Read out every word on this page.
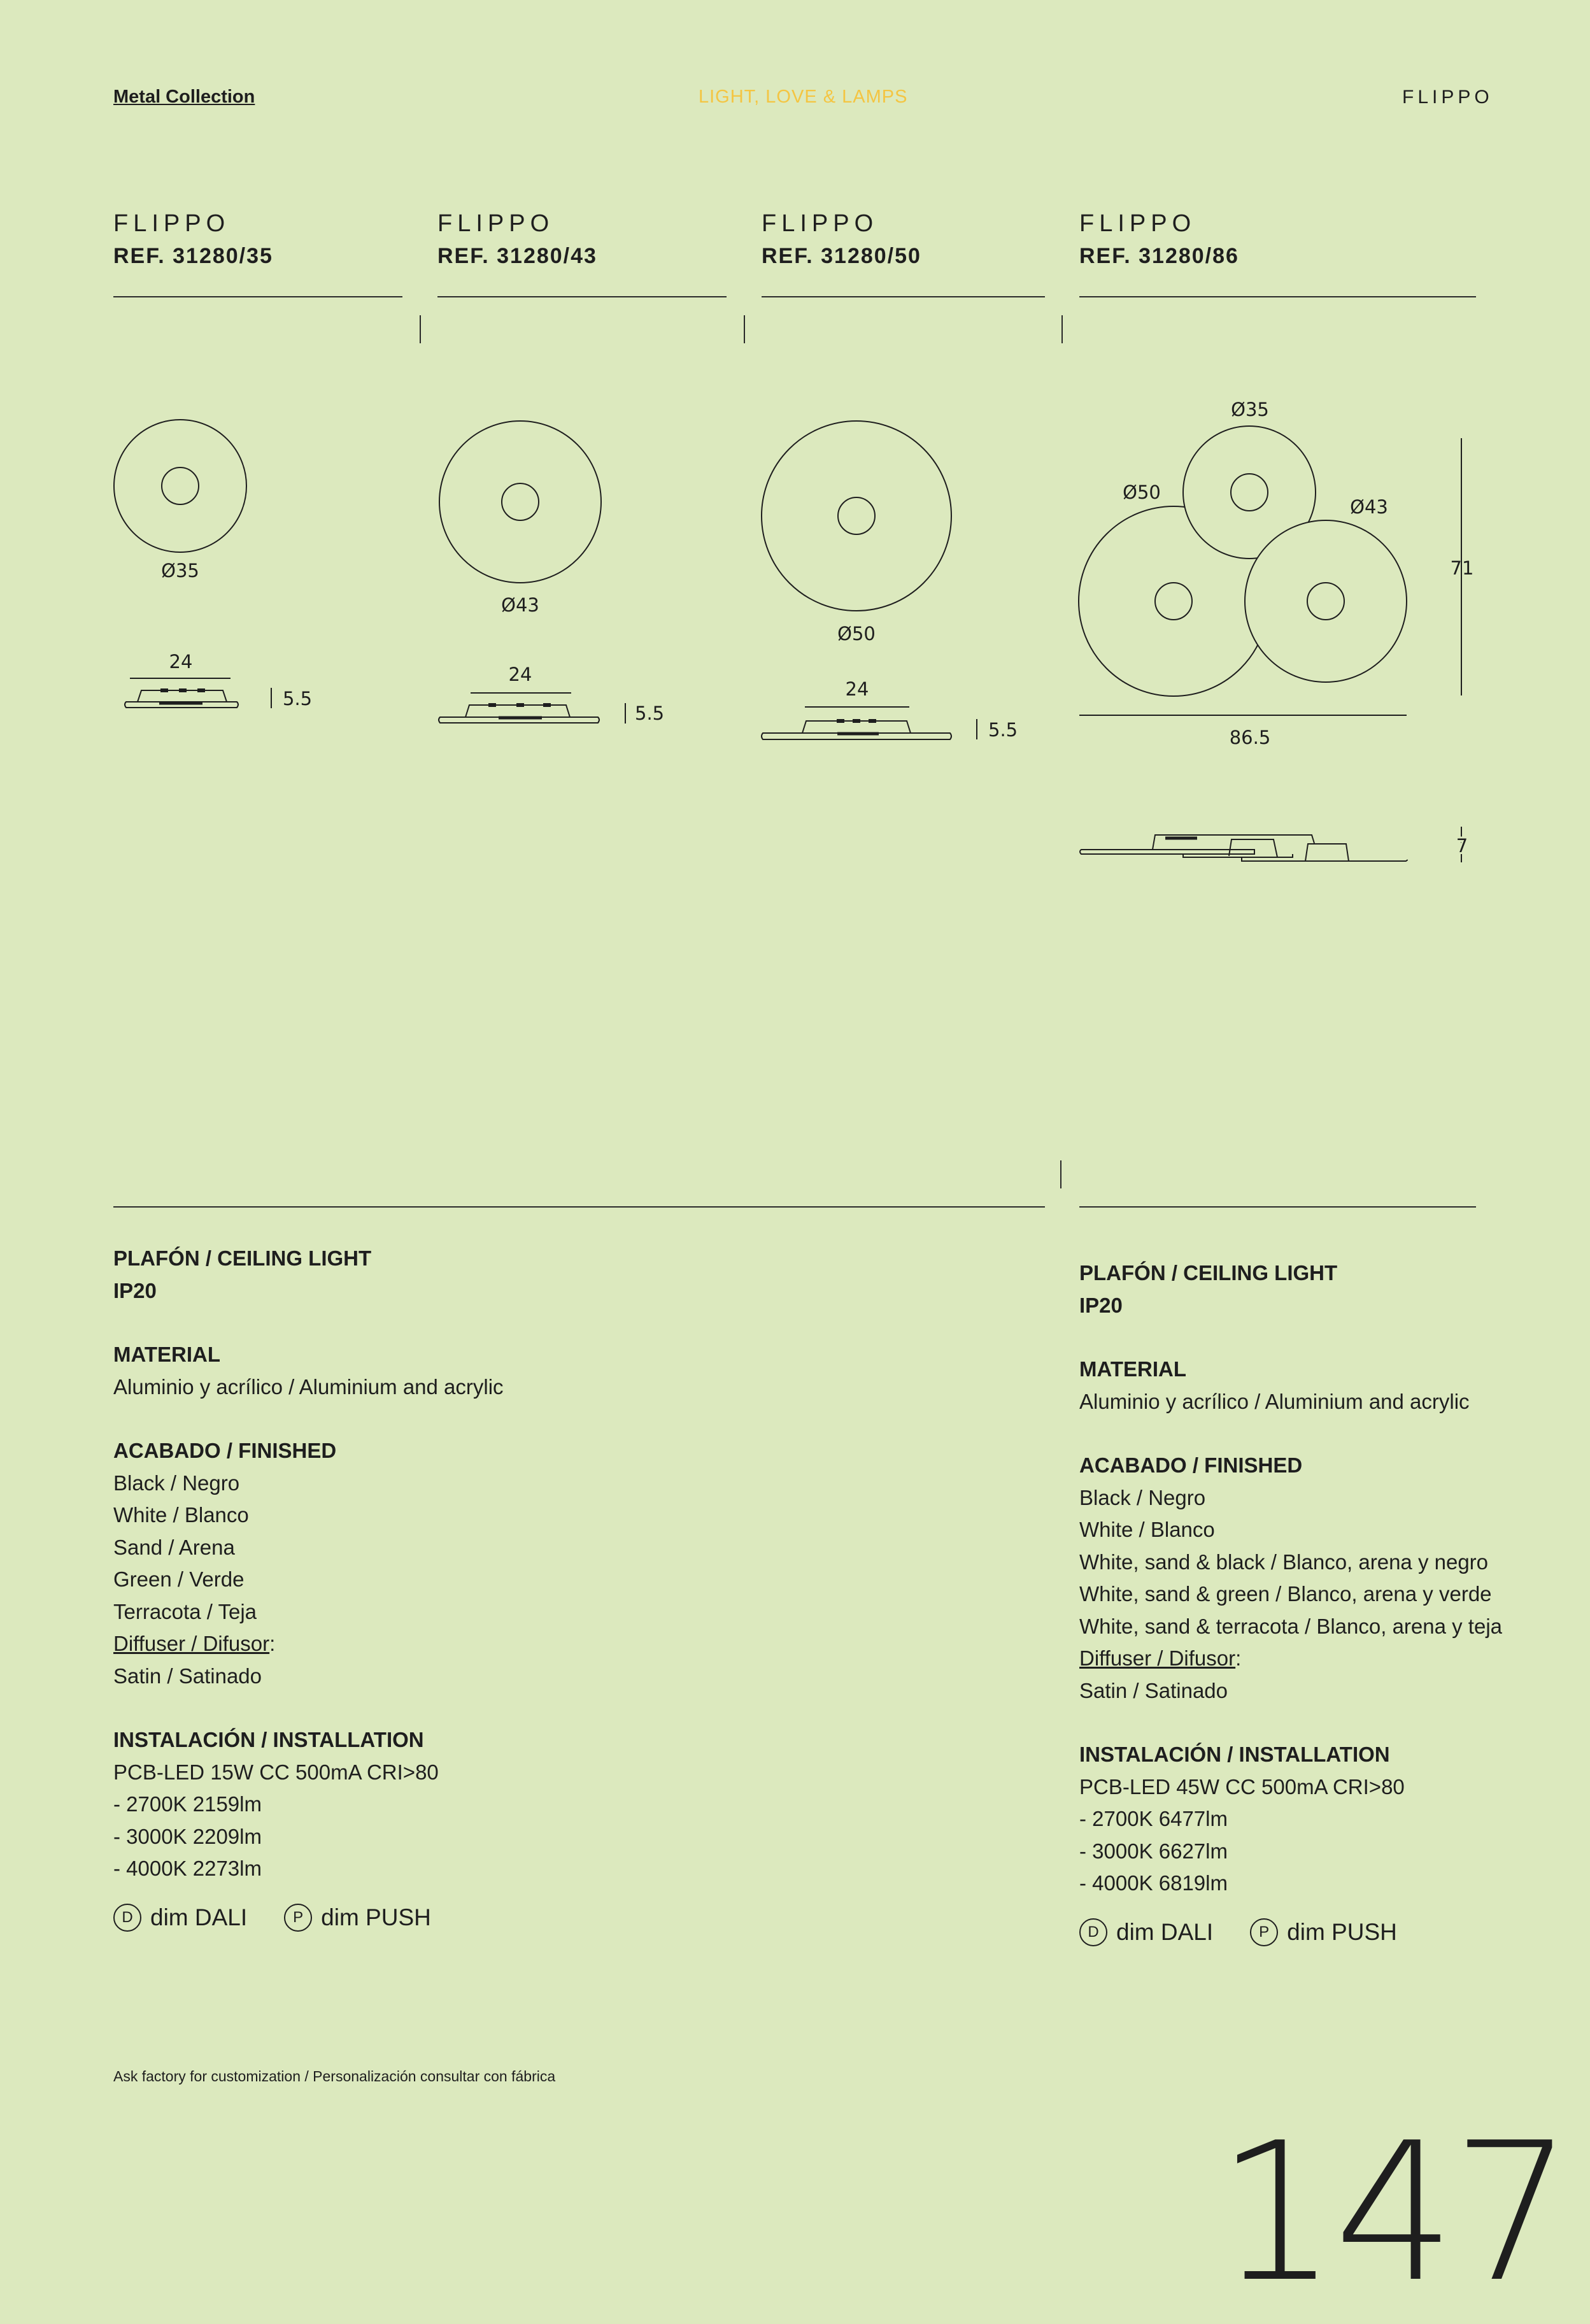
Metal Collection	LIGHT, LOVE & LAMPS	FLIPPO
FLIPPO
REF. 31280/35
FLIPPO
REF. 31280/43
FLIPPO
REF. 31280/50
FLIPPO
REF. 31280/86
Ø35
24
5.5
Ø43
24
5.5
Ø50
24
5.5
Ø35
Ø50
Ø43
71
86.5
7
PLAFÓN / CEILING LIGHT
IP20
MATERIAL
Aluminio y acrílico / Aluminium and acrylic
ACABADO / FINISHED
Black / Negro
White / Blanco
Sand / Arena
Green / Verde
Terracota / Teja
Diffuser / Difusor:
Satin / Satinado
INSTALACIÓN / INSTALLATION
PCB-LED 15W CC 500mA CRI>80
- 2700K 2159lm
- 3000K 2209lm
- 4000K 2273lm
D dim DALI	P dim PUSH
PLAFÓN / CEILING LIGHT
IP20
MATERIAL
Aluminio y acrílico / Aluminium and acrylic
ACABADO / FINISHED
Black / Negro
White / Blanco
White, sand & black / Blanco, arena y negro
White, sand & green / Blanco, arena y verde
White, sand & terracota / Blanco, arena y teja
Diffuser / Difusor:
Satin / Satinado
INSTALACIÓN / INSTALLATION
PCB-LED 45W CC 500mA CRI>80
- 2700K 6477lm
- 3000K 6627lm
- 4000K 6819lm
D dim DALI	P dim PUSH
Ask factory for customization / Personalización consultar con fábrica
147
